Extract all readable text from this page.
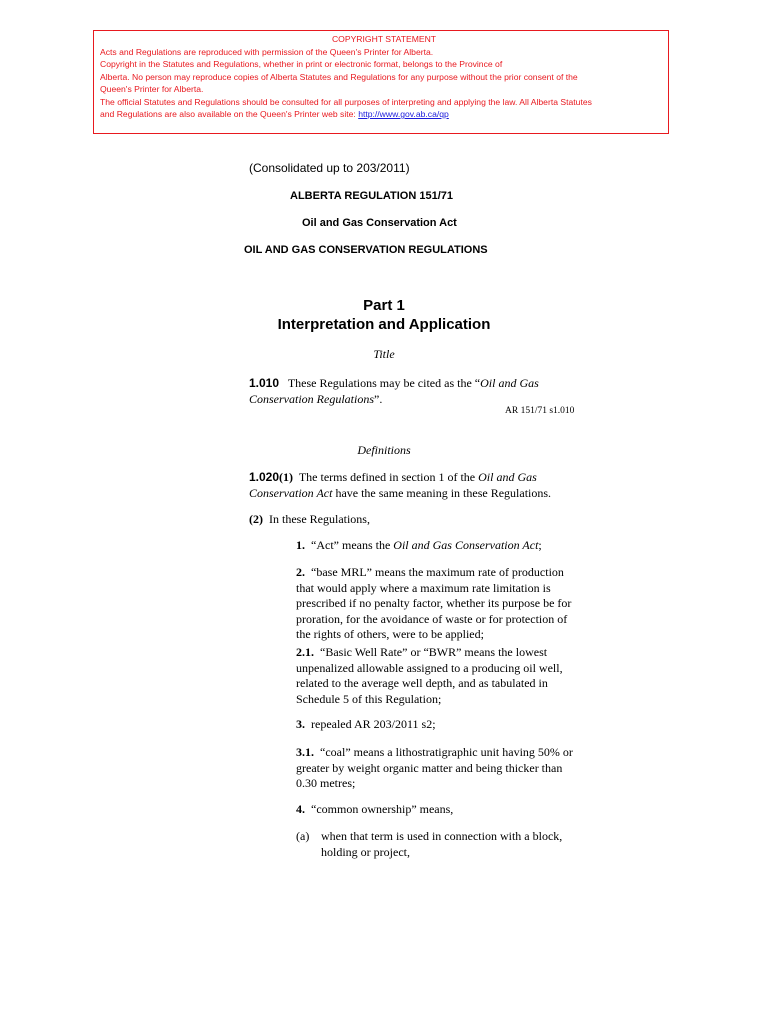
COPYRIGHT STATEMENT
Acts and Regulations are reproduced with permission of the Queen's Printer for Alberta.
Copyright in the Statutes and Regulations, whether in print or electronic format, belongs to the Province of
Alberta. No person may reproduce copies of Alberta Statutes and Regulations for any purpose without the prior consent of the
Queen's Printer for Alberta.
The official Statutes and Regulations should be consulted for all purposes of interpreting and applying the law. All Alberta Statutes
and Regulations are also available on the Queen's Printer web site: http://www.gov.ab.ca/qp
(Consolidated up to 203/2011)
ALBERTA REGULATION 151/71
Oil and Gas Conservation Act
OIL AND GAS CONSERVATION REGULATIONS
Part 1
Interpretation and Application
Title
1.010 These Regulations may be cited as the “Oil and Gas
Conservation Regulations”.
AR 151/71 s1.010
Definitions
1.020(1) The terms defined in section 1 of the Oil and Gas
Conservation Act have the same meaning in these Regulations.
(2) In these Regulations,
1. “Act” means the Oil and Gas Conservation Act;
2. “base MRL” means the maximum rate of production
that would apply where a maximum rate limitation is
prescribed if no penalty factor, whether its purpose be for
proration, for the avoidance of waste or for protection of
the rights of others, were to be applied;
2.1. “Basic Well Rate” or “BWR” means the lowest
unpenalized allowable assigned to a producing oil well,
related to the average well depth, and as tabulated in
Schedule 5 of this Regulation;
3. repealed AR 203/2011 s2;
3.1. “coal” means a lithostratigraphic unit having 50% or
greater by weight organic matter and being thicker than
0.30 metres;
4. “common ownership” means,
(a) when that term is used in connection with a block,
holding or project,
